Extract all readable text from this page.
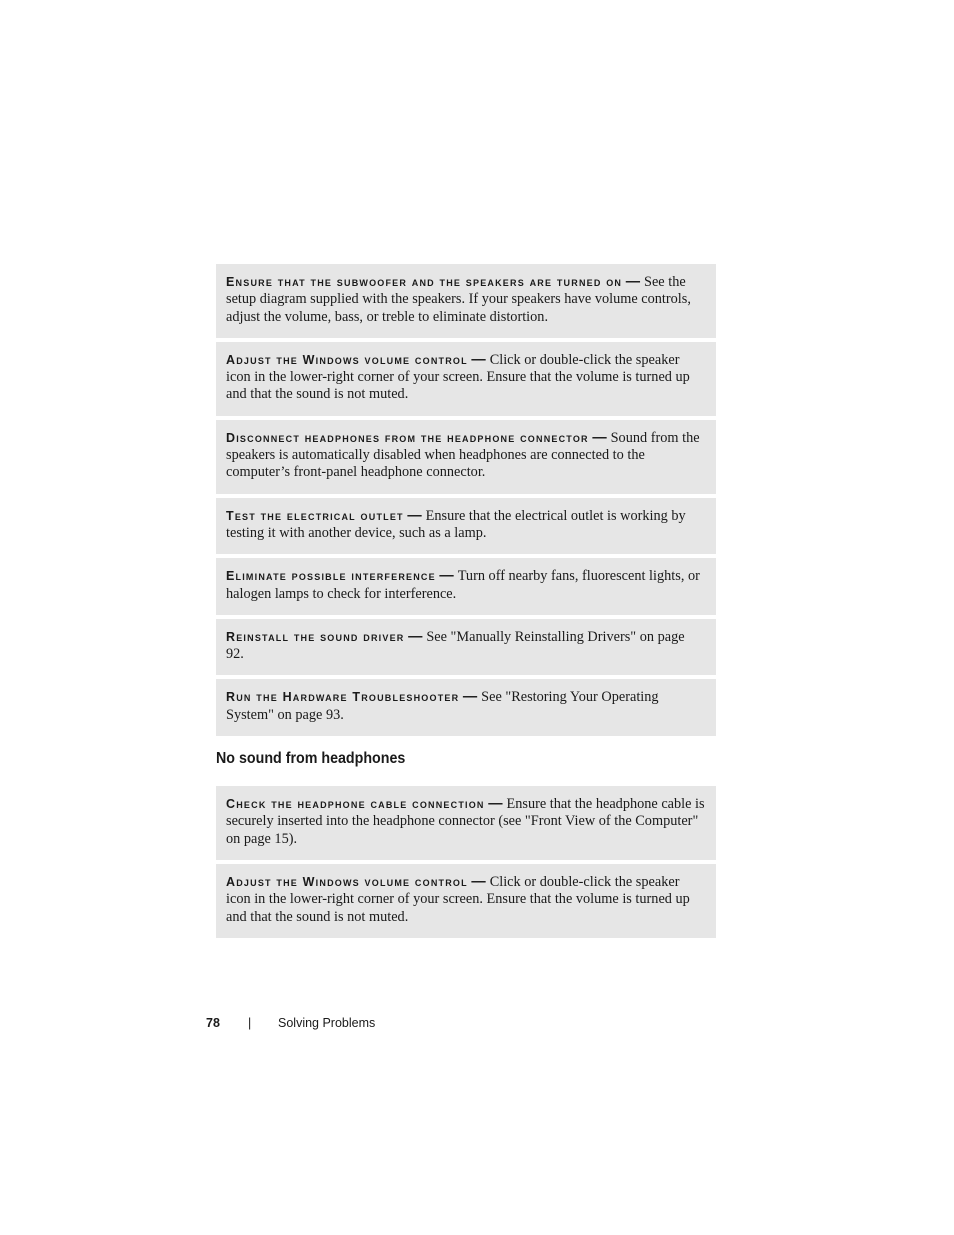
Ensure that the subwoofer and the speakers are turned on — See the setup diagram supplied with the speakers. If your speakers have volume controls, adjust the volume, bass, or treble to eliminate distortion.
Adjust the Windows volume control — Click or double-click the speaker icon in the lower-right corner of your screen. Ensure that the volume is turned up and that the sound is not muted.
Disconnect headphones from the headphone connector — Sound from the speakers is automatically disabled when headphones are connected to the computer’s front-panel headphone connector.
Test the electrical outlet — Ensure that the electrical outlet is working by testing it with another device, such as a lamp.
Eliminate possible interference — Turn off nearby fans, fluorescent lights, or halogen lamps to check for interference.
Reinstall the sound driver — See "Manually Reinstalling Drivers" on page 92.
Run the Hardware Troubleshooter — See "Restoring Your Operating System" on page 93.
No sound from headphones
Check the headphone cable connection — Ensure that the headphone cable is securely inserted into the headphone connector (see "Front View of the Computer" on page 15).
Adjust the Windows volume control — Click or double-click the speaker icon in the lower-right corner of your screen. Ensure that the volume is turned up and that the sound is not muted.
78 | Solving Problems
